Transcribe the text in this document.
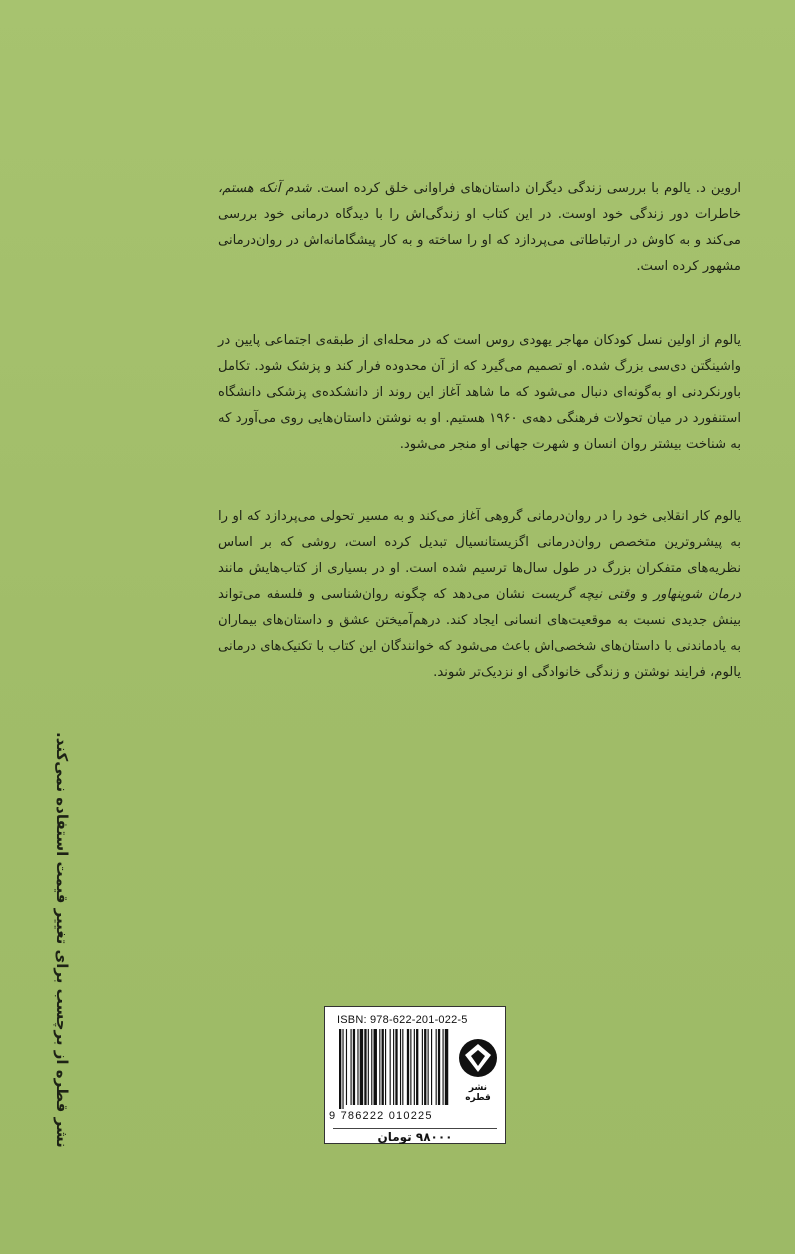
اروین د. یالوم با بررسی زندگی دیگران داستان‌های فراوانی خلق کرده است. شدم آنکه هستم، خاطرات دور زندگی خود اوست. در این کتاب او زندگی‌اش را با دیدگاه درمانی خود بررسی می‌کند و به کاوش در ارتباطاتی می‌پردازد که او را ساخته و به کار پیشگامانه‌اش در روان‌درمانی مشهور کرده است.

یالوم از اولین نسل کودکان مهاجر یهودی روس است که در محله‌ای از طبقه‌ی اجتماعی پایین در واشینگتن دی‌سی بزرگ شده. او تصمیم می‌گیرد که از آن محدوده فرار کند و پزشک شود. تکامل باورنکردنی او به‌گونه‌ای دنبال می‌شود که ما شاهد آغاز این روند از دانشکده‌ی پزشکی دانشگاه استنفورد در میان تحولات فرهنگی دهه‌ی ۱۹۶۰ هستیم. او به نوشتن داستان‌هایی روی می‌آورد که به شناخت بیشتر روان انسان و شهرت جهانی او منجر می‌شود.

یالوم کار انقلابی خود را در روان‌درمانی گروهی آغاز می‌کند و به مسیر تحولی می‌پردازد که او را به پیشروترین متخصص روان‌درمانی اگزیستانسیال تبدیل کرده است، روشی که بر اساس نظریه‌های متفکران بزرگ در طول سال‌ها ترسیم شده است. او در بسیاری از کتاب‌هایش مانند درمان شوپنهاور و وقتی نیچه گریست نشان می‌دهد که چگونه روان‌شناسی و فلسفه می‌تواند بینش جدیدی نسبت به موقعیت‌های انسانی ایجاد کند. درهم‌آمیختن عشق و داستان‌های بیماران به یادماندنی با داستان‌های شخصی‌اش باعث می‌شود که خوانندگان این کتاب با تکنیک‌های درمانی یالوم، فرایند نوشتن و زندگی خانوادگی او نزدیک‌تر شوند.

نشر قطره از برچسب برای تغییر قیمت استفاده نمی‌کند.	ISBN: 978-622-201-022-5
9 786222 010225
نشر قطره
۹۸۰۰۰ تومان
